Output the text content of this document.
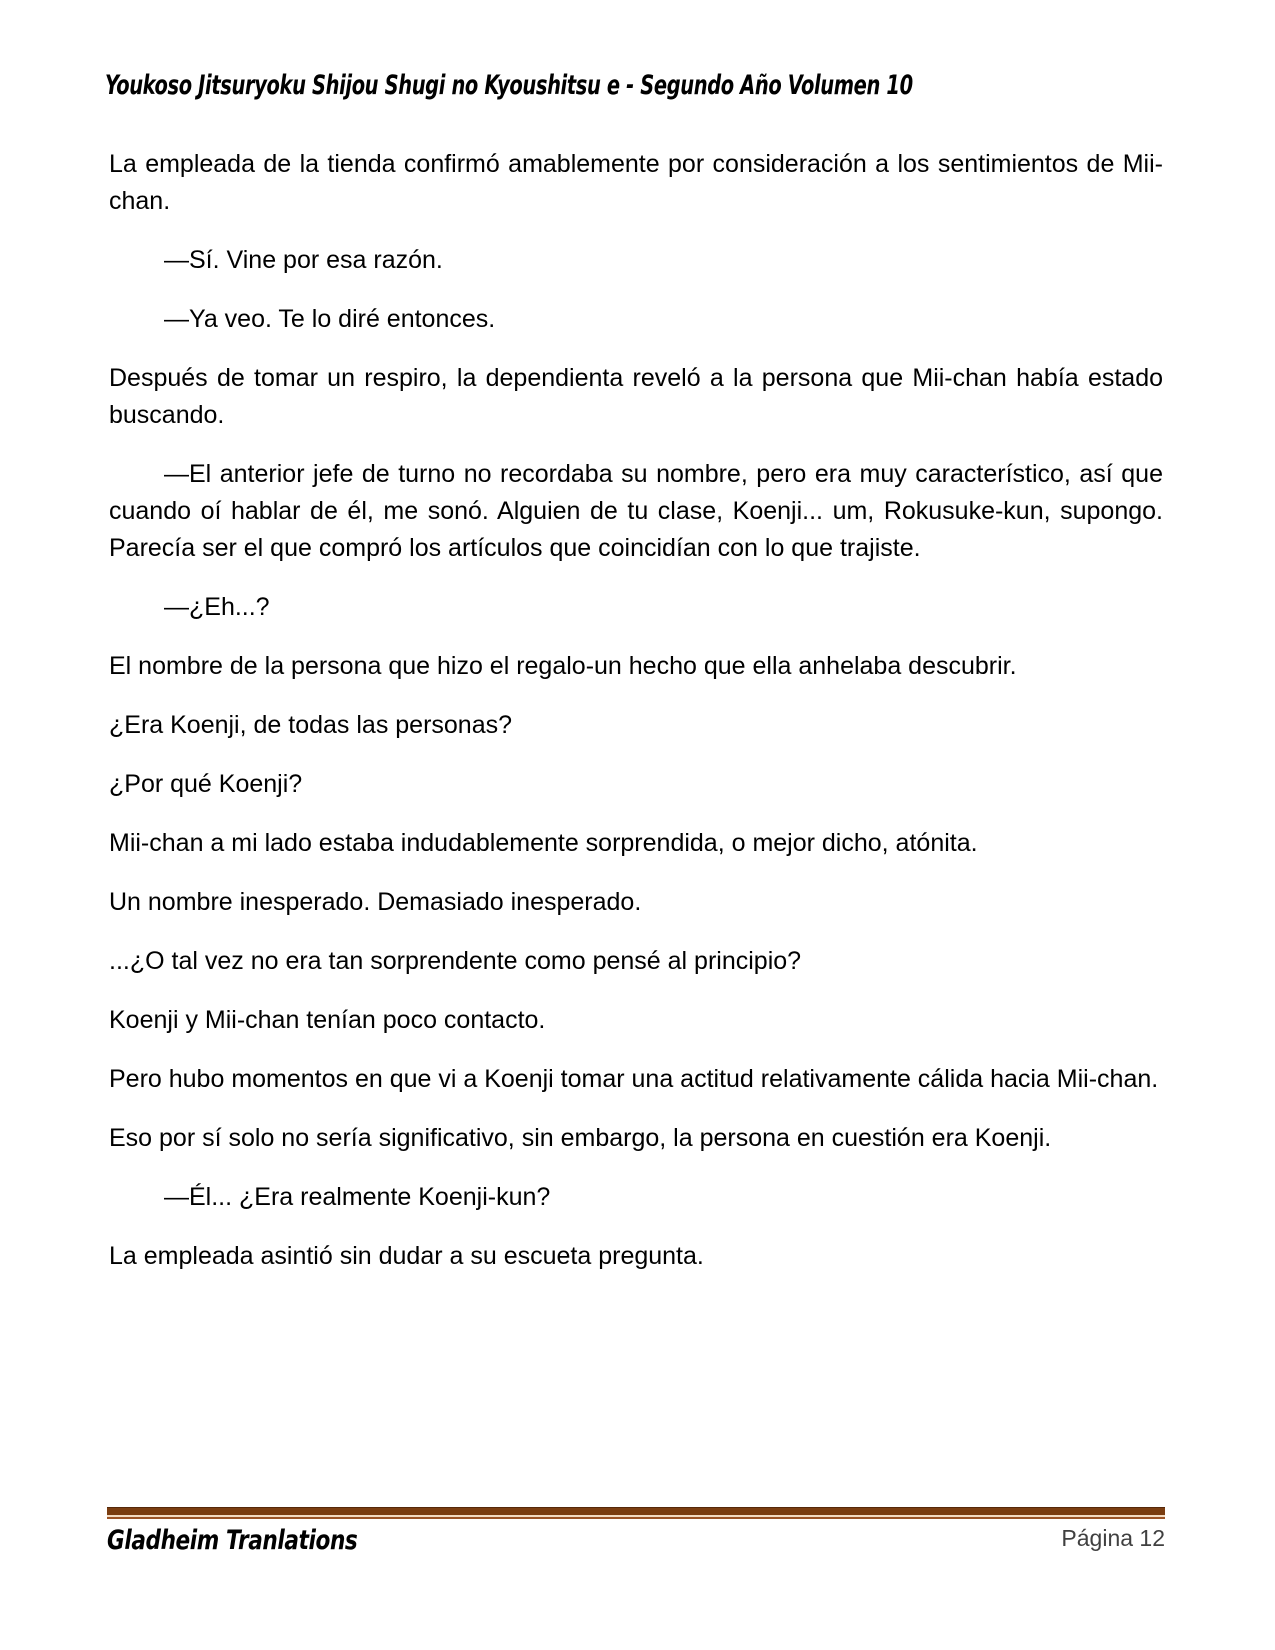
Youkoso Jitsuryoku Shijou Shugi no Kyoushitsu e - Segundo Año Volumen 10

La empleada de la tienda confirmó amablemente por consideración a los sentimientos de Mii-chan.

—Sí. Vine por esa razón.

—Ya veo. Te lo diré entonces.

Después de tomar un respiro, la dependienta reveló a la persona que Mii-chan había estado buscando.

—El anterior jefe de turno no recordaba su nombre, pero era muy característico, así que cuando oí hablar de él, me sonó. Alguien de tu clase, Koenji... um, Rokusuke-kun, supongo. Parecía ser el que compró los artículos que coincidían con lo que trajiste.

—¿Eh...?

El nombre de la persona que hizo el regalo-un hecho que ella anhelaba descubrir.

¿Era Koenji, de todas las personas?

¿Por qué Koenji?

Mii-chan a mi lado estaba indudablemente sorprendida, o mejor dicho, atónita.

Un nombre inesperado. Demasiado inesperado.

...¿O tal vez no era tan sorprendente como pensé al principio?

Koenji y Mii-chan tenían poco contacto.

Pero hubo momentos en que vi a Koenji tomar una actitud relativamente cálida hacia Mii-chan.

Eso por sí solo no sería significativo, sin embargo, la persona en cuestión era Koenji.

—Él... ¿Era realmente Koenji-kun?

La empleada asintió sin dudar a su escueta pregunta.

Gladheim Tranlations	Página 12
